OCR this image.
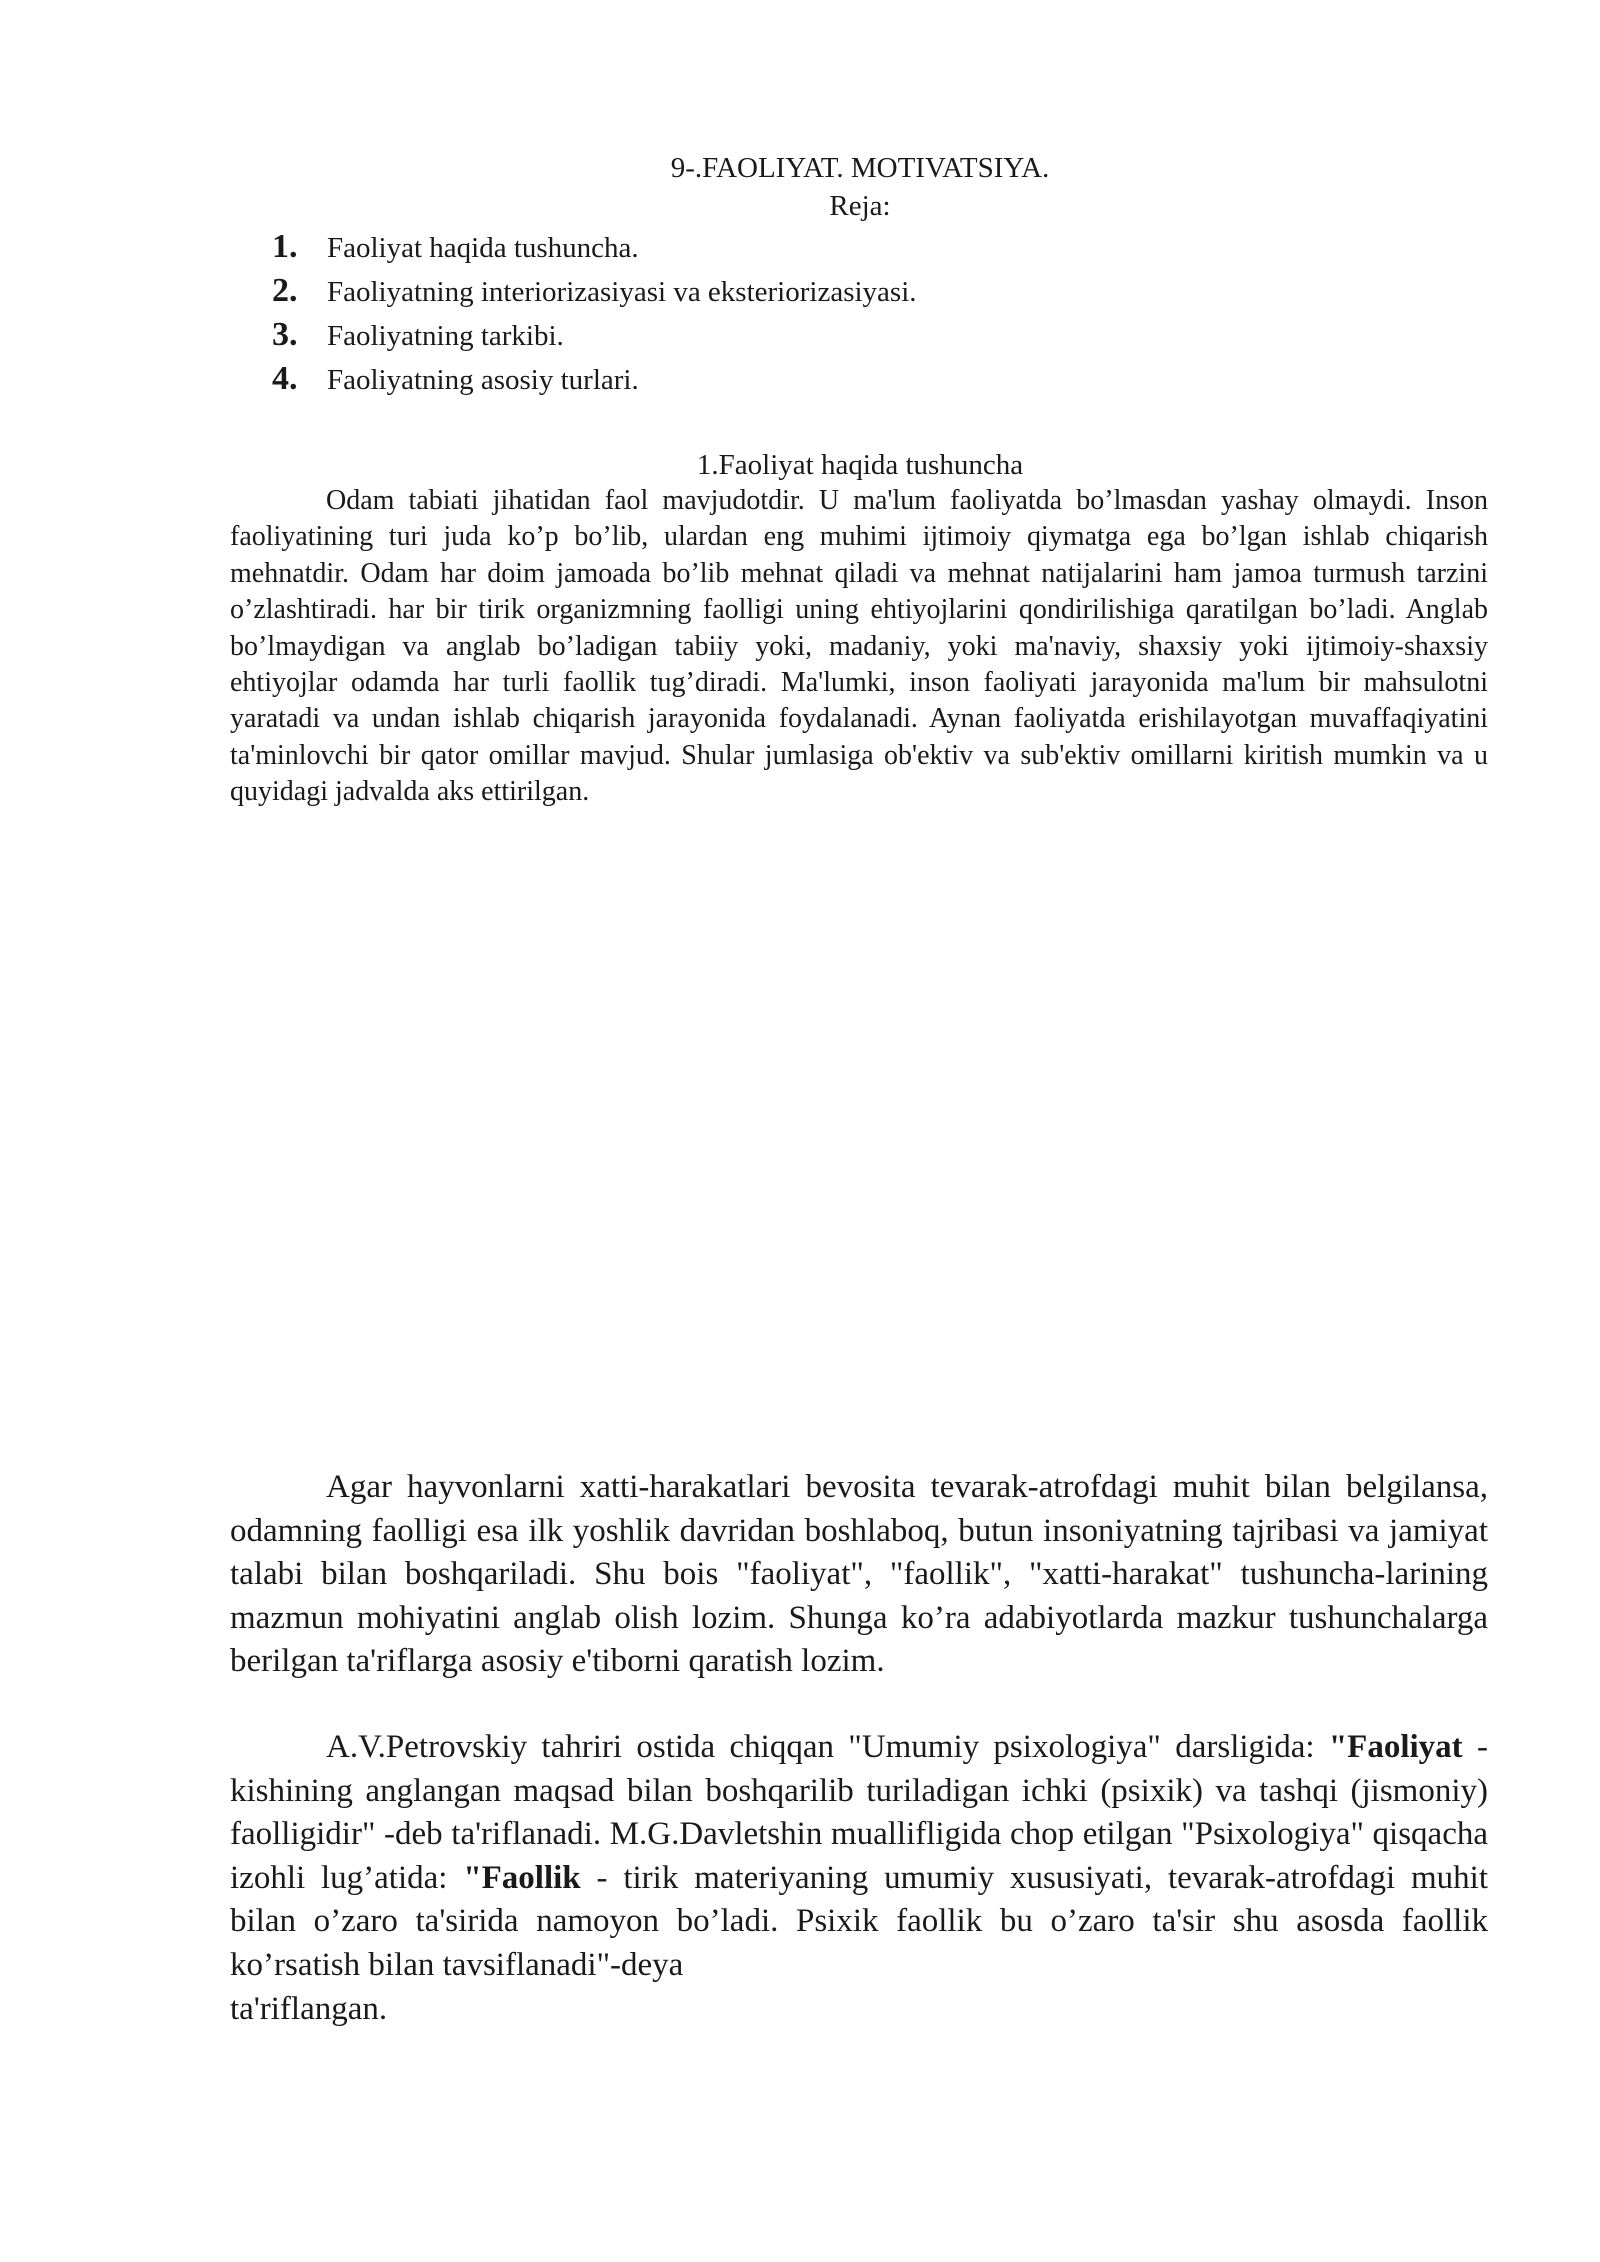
9-.FAOLIYAT. MOTIVATSIYA.
Reja:
1.	Faoliyat haqida tushuncha.
2.	Faoliyatning interiorizasiyasi va eksteriorizasiyasi.
3.	Faoliyatning tarkibi.
4.	Faoliyatning asosiy turlari.
1.Faoliyat haqida tushuncha

Odam tabiati jihatidan faol mavjudotdir. U ma'lum faoliyatda bo’lmasdan yashay olmaydi. Inson faoliyatining turi juda ko’p bo’lib, ulardan eng muhimi ijtimoiy qiymatga ega bo’lgan ishlab chiqarish mehnatdir. Odam har doim jamoada bo’lib mehnat qiladi va mehnat natijalarini ham jamoa turmush tarzini o’zlashtiradi. har bir tirik organizmning faolligi uning ehtiyojlarini qondirilishiga qaratilgan bo’ladi. Anglab bo’lmaydigan va anglab bo’ladigan tabiiy yoki, madaniy, yoki ma'naviy, shaxsiy yoki ijtimoiy-shaxsiy ehtiyojlar odamda har turli faollik tug’diradi. Ma'lumki, inson faoliyati jarayonida ma'lum bir mahsulotni yaratadi va undan ishlab chiqarish jarayonida foydalanadi. Aynan faoliyatda erishilayotgan muvaffaqiyatini ta'minlovchi bir qator omillar mavjud. Shular jumlasiga ob'ektiv va sub'ektiv omillarni kiritish mumkin va u quyidagi jadvalda aks ettirilgan.

Agar hayvonlarni xatti-harakatlari bevosita tevarak-atrofdagi muhit bilan belgilansa, odamning faolligi esa ilk yoshlik davridan boshlaboq, butun insoniyatning tajribasi va jamiyat talabi bilan boshqariladi. Shu bois "faoliyat", "faollik", "xatti-harakat" tushuncha-larining mazmun mohiyatini anglab olish lozim. Shunga ko’ra adabiyotlarda mazkur tushunchalarga berilgan ta'riflarga asosiy e'tiborni qaratish lozim.

A.V.Petrovskiy tahriri ostida chiqqan "Umumiy psixologiya" darsligida: "Faoliyat - kishining anglangan maqsad bilan boshqarilib turiladigan ichki (psixik) va tashqi (jismoniy) faolligidir" -deb ta'riflanadi. M.G.Davletshin muallifligida chop etilgan "Psixologiya" qisqacha izohli lug’atida: "Faollik - tirik materiyaning umumiy xususiyati, tevarak-atrofdagi muhit bilan o’zaro ta'sirida namoyon bo’ladi. Psixik faollik bu o’zaro ta'sir shu asosda faollik ko’rsatish bilan tavsiflanadi"-deya

ta'riflangan.
